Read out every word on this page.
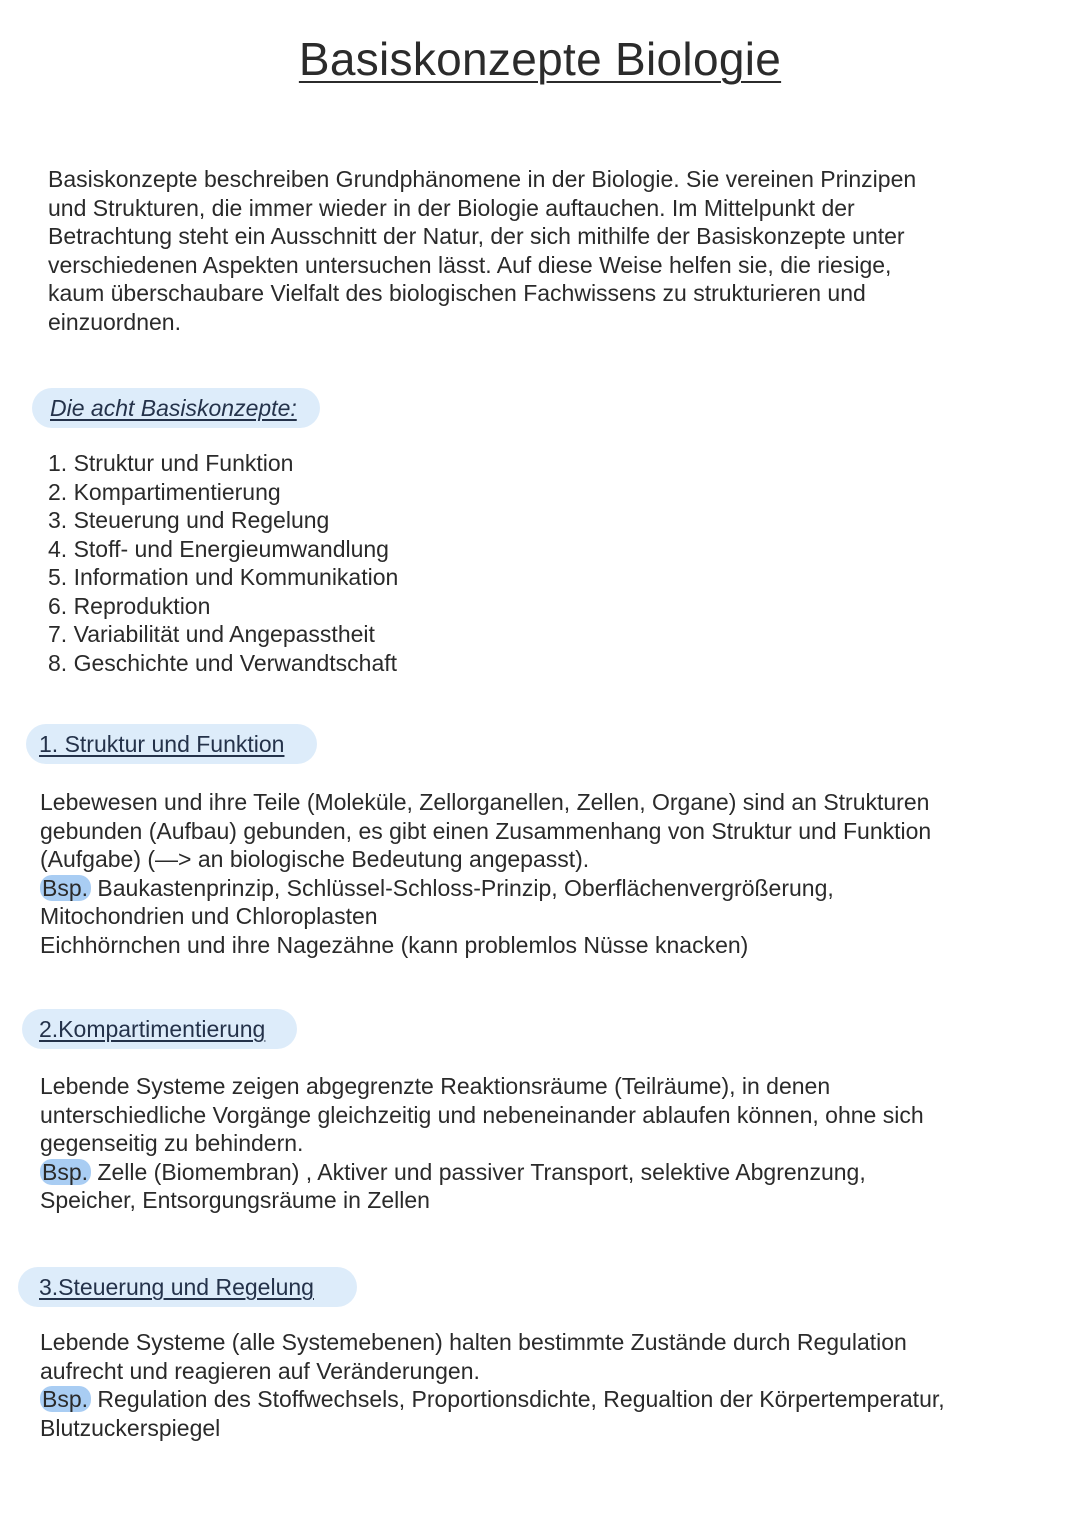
Basiskonzepte Biologie

Basiskonzepte beschreiben Grundphänomene in der Biologie. Sie vereinen Prinzipen
und Strukturen, die immer wieder in der Biologie auftauchen. Im Mittelpunkt der
Betrachtung steht ein Ausschnitt der Natur, der sich mithilfe der Basiskonzepte unter
verschiedenen Aspekten untersuchen lässt. Auf diese Weise helfen sie, die riesige,
kaum überschaubare Vielfalt des biologischen Fachwissens zu strukturieren und
einzuordnen.

Die acht Basiskonzepte:
1. Struktur und Funktion
2. Kompartimentierung
3. Steuerung und Regelung
4. Stoff- und Energieumwandlung
5. Information und Kommunikation
6. Reproduktion
7. Variabilität und Angepasstheit
8. Geschichte und Verwandtschaft
1. Struktur und Funktion

Lebewesen und ihre Teile (Moleküle, Zellorganellen, Zellen, Organe) sind an Strukturen
gebunden (Aufbau) gebunden, es gibt einen Zusammenhang von Struktur und Funktion
(Aufgabe) (—> an biologische Bedeutung angepasst).
Bsp. Baukastenprinzip, Schlüssel-Schloss-Prinzip, Oberflächenvergrößerung,
Mitochondrien und Chloroplasten
Eichhörnchen und ihre Nagezähne (kann problemlos Nüsse knacken)

2.Kompartimentierung

Lebende Systeme zeigen abgegrenzte Reaktionsräume (Teilräume), in denen
unterschiedliche Vorgänge gleichzeitig und nebeneinander ablaufen können, ohne sich
gegenseitig zu behindern.
Bsp. Zelle (Biomembran) , Aktiver und passiver Transport, selektive Abgrenzung,
Speicher, Entsorgungsräume in Zellen

3.Steuerung und Regelung

Lebende Systeme (alle Systemebenen) halten bestimmte Zustände durch Regulation
aufrecht und reagieren auf Veränderungen.
Bsp. Regulation des Stoffwechsels, Proportionsdichte, Regualtion der Körpertemperatur,
Blutzuckerspiegel
